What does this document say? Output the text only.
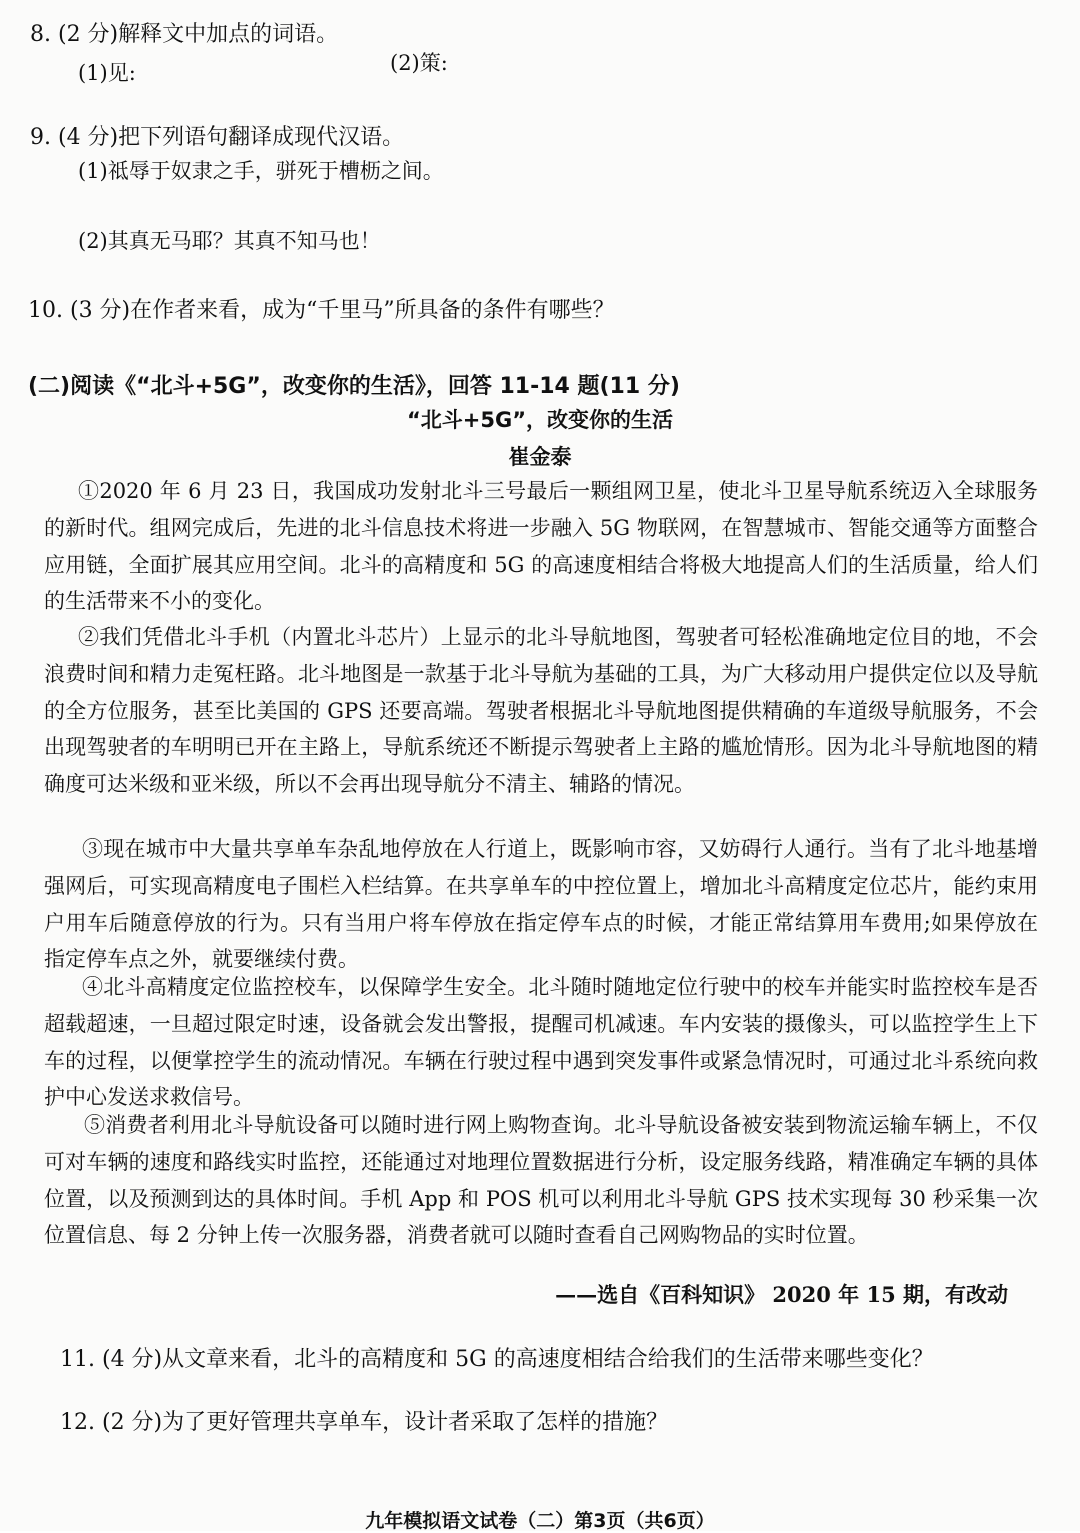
8. (2 分)解释文中加点的词语。
(1)见:	(2)策:
9. (4 分)把下列语句翻译成现代汉语。
(1)祗辱于奴隶之手，骈死于槽枥之间。
(2)其真无马耶？其真不知马也！
10. (3 分)在作者来看，成为“千里马”所具备的条件有哪些？
(二)阅读《“北斗+5G”，改变你的生活》，回答 11-14 题(11 分)
“北斗+5G”，改变你的生活
崔金泰

①2020 年 6 月 23 日，我国成功发射北斗三号最后一颗组网卫星，使北斗卫星导航系统迈入全球服务的新时代。组网完成后，先进的北斗信息技术将进一步融入 5G 物联网，在智慧城市、智能交通等方面整合应用链，全面扩展其应用空间。北斗的高精度和 5G 的高速度相结合将极大地提高人们的生活质量，给人们的生活带来不小的变化。

②我们凭借北斗手机（内置北斗芯片）上显示的北斗导航地图，驾驶者可轻松准确地定位目的地，不会浪费时间和精力走冤枉路。北斗地图是一款基于北斗导航为基础的工具，为广大移动用户提供定位以及导航的全方位服务，甚至比美国的 GPS 还要高端。驾驶者根据北斗导航地图提供精确的车道级导航服务，不会出现驾驶者的车明明已开在主路上，导航系统还不断提示驾驶者上主路的尴尬情形。因为北斗导航地图的精确度可达米级和亚米级，所以不会再出现导航分不清主、辅路的情况。

③现在城市中大量共享单车杂乱地停放在人行道上，既影响市容，又妨碍行人通行。当有了北斗地基增强网后，可实现高精度电子围栏入栏结算。在共享单车的中控位置上，增加北斗高精度定位芯片，能约束用户用车后随意停放的行为。只有当用户将车停放在指定停车点的时候，才能正常结算用车费用;如果停放在指定停车点之外，就要继续付费。

④北斗高精度定位监控校车，以保障学生安全。北斗随时随地定位行驶中的校车并能实时监控校车是否超载超速，一旦超过限定时速，设备就会发出警报，提醒司机减速。车内安装的摄像头，可以监控学生上下车的过程，以便掌控学生的流动情况。车辆在行驶过程中遇到突发事件或紧急情况时，可通过北斗系统向救护中心发送求救信号。

⑤消费者利用北斗导航设备可以随时进行网上购物查询。北斗导航设备被安装到物流运输车辆上，不仅可对车辆的速度和路线实时监控，还能通过对地理位置数据进行分析，设定服务线路，精准确定车辆的具体位置，以及预测到达的具体时间。手机 App 和 POS 机可以利用北斗导航 GPS 技术实现每 30 秒采集一次位置信息、每 2 分钟上传一次服务器，消费者就可以随时查看自己网购物品的实时位置。

——选自《百科知识》 2020 年 15 期，有改动
11. (4 分)从文章来看，北斗的高精度和 5G 的高速度相结合给我们的生活带来哪些变化？
12. (2 分)为了更好管理共享单车，设计者采取了怎样的措施？
九年模拟语文试卷（二）第3页（共6页）
